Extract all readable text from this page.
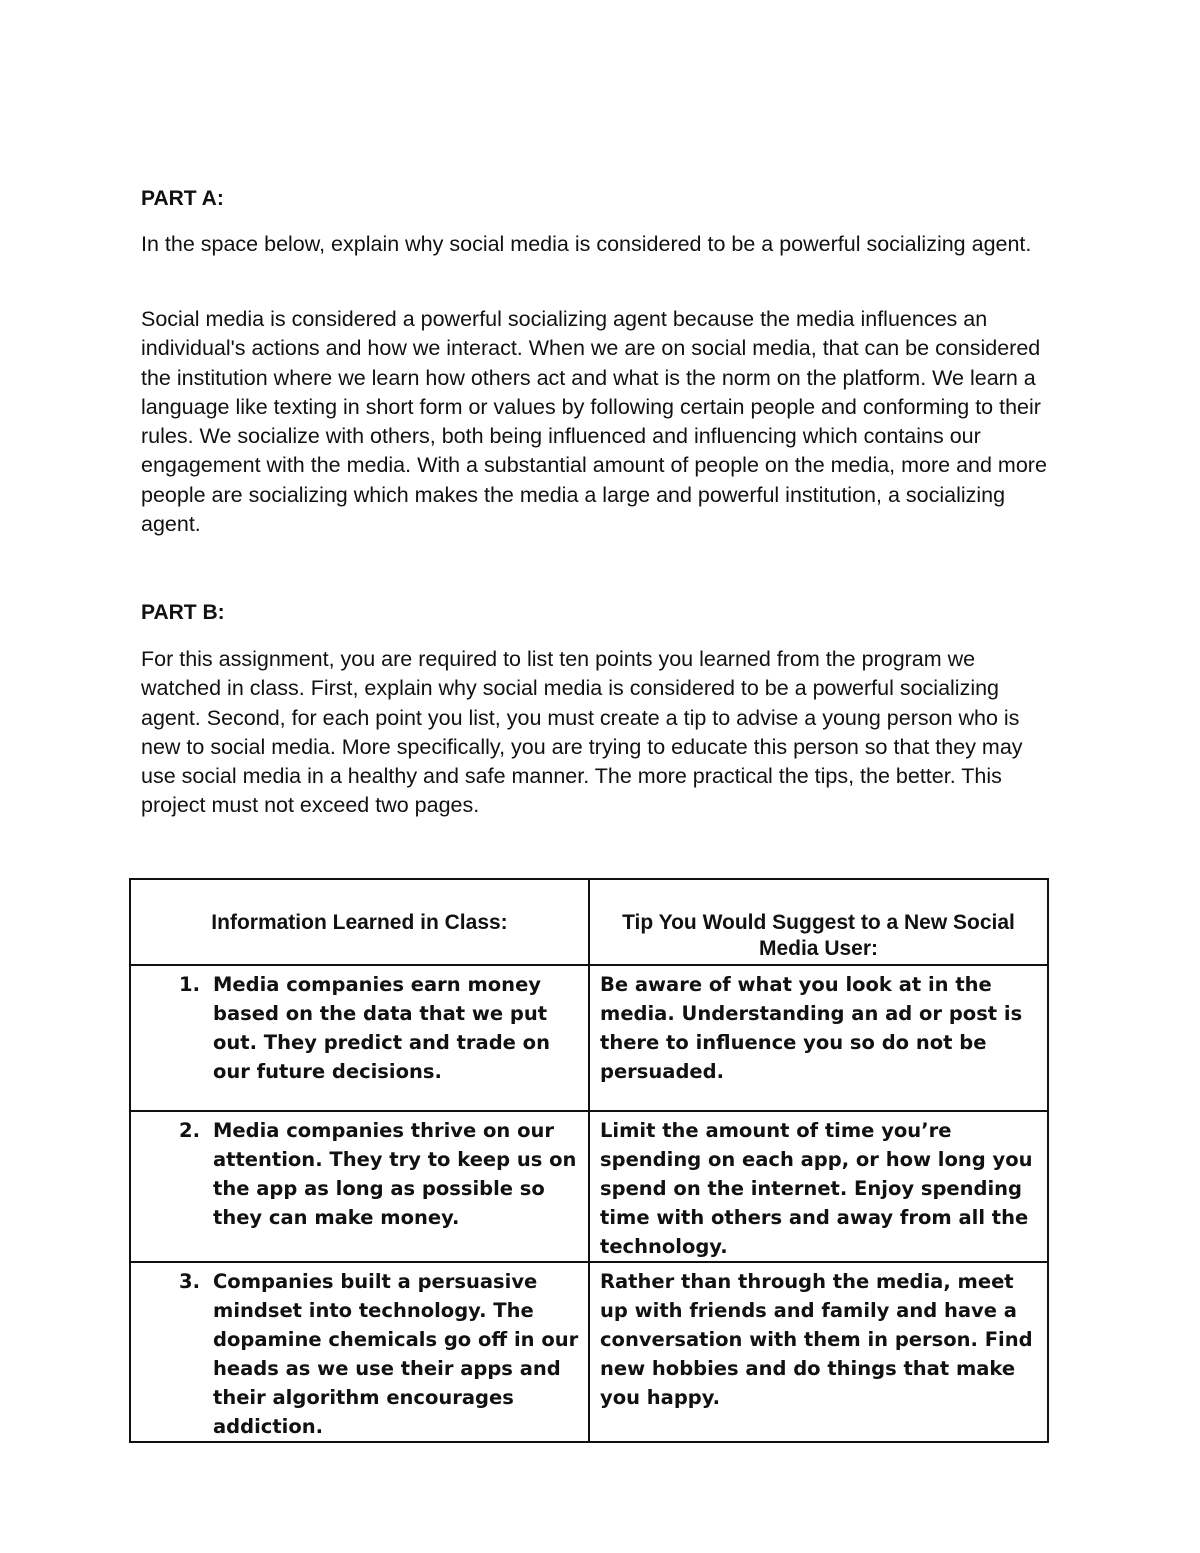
PART A:

In the space below, explain why social media is considered to be a powerful socializing agent.

Social media is considered a powerful socializing agent because the media influences an individual's actions and how we interact. When we are on social media, that can be considered the institution where we learn how others act and what is the norm on the platform. We learn a language like texting in short form or values by following certain people and conforming to their rules. We socialize with others, both being influenced and influencing which contains our engagement with the media. With a substantial amount of people on the media, more and more people are socializing which makes the media a large and powerful institution, a socializing agent.

PART B:

For this assignment, you are required to list ten points you learned from the program we watched in class. First, explain why social media is considered to be a powerful socializing agent. Second, for each point you list, you must create a tip to advise a young person who is new to social media. More specifically, you are trying to educate this person so that they may use social media in a healthy and safe manner. The more practical the tips, the better. This project must not exceed two pages.

Information Learned in Class:	Tip You Would Suggest to a New Social Media User:

1. Media companies earn money based on the data that we put out. They predict and trade on our future decisions.	Be aware of what you look at in the media. Understanding an ad or post is there to influence you so do not be persuaded.

2. Media companies thrive on our attention. They try to keep us on the app as long as possible so they can make money.	Limit the amount of time you’re spending on each app, or how long you spend on the internet. Enjoy spending time with others and away from all the technology.

3. Companies built a persuasive mindset into technology. The dopamine chemicals go off in our heads as we use their apps and their algorithm encourages addiction.	Rather than through the media, meet up with friends and family and have a conversation with them in person. Find new hobbies and do things that make you happy.
